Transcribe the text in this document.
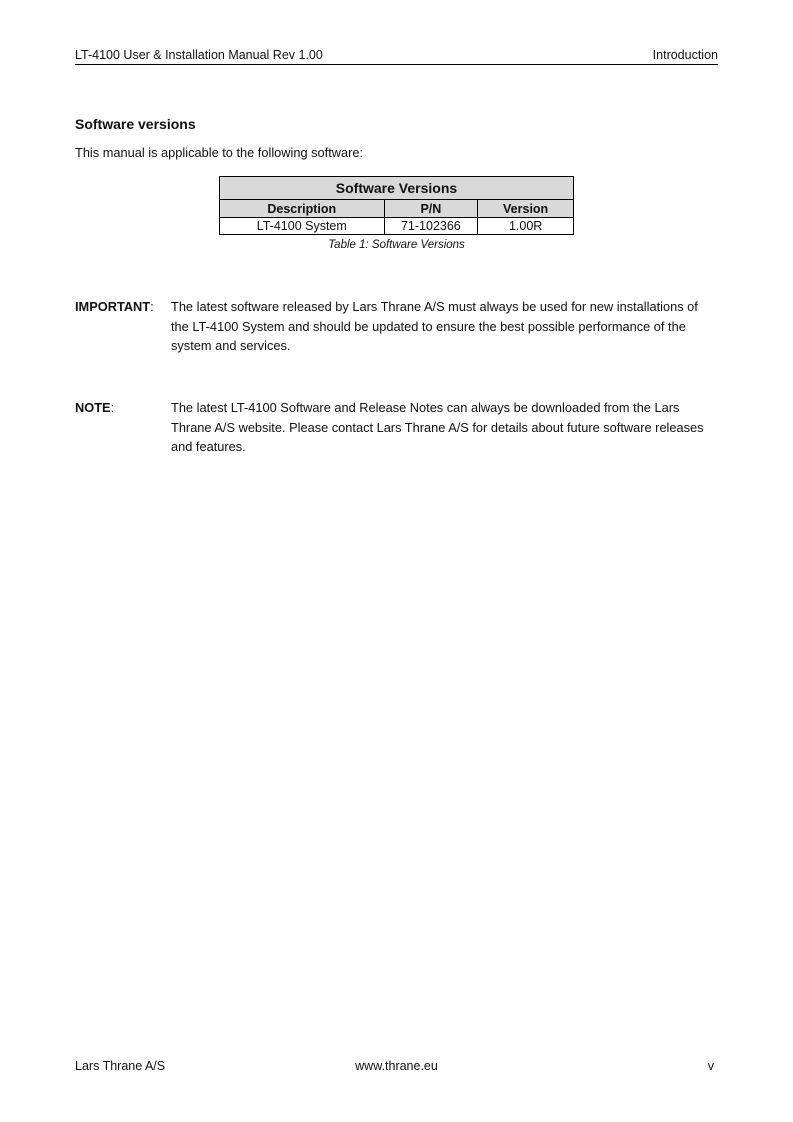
LT-4100 User & Installation Manual Rev 1.00	Introduction
Software versions
This manual is applicable to the following software:
Software Versions		
Description	P/N	Version
LT-4100 System	71-102366	1.00R
Table 1: Software Versions
IMPORTANT: The latest software released by Lars Thrane A/S must always be used for new installations of the LT-4100 System and should be updated to ensure the best possible performance of the system and services.
NOTE:	The latest LT-4100 Software and Release Notes can always be downloaded from the Lars Thrane A/S website. Please contact Lars Thrane A/S for details about future software releases and features.
Lars Thrane A/S	www.thrane.eu	v
